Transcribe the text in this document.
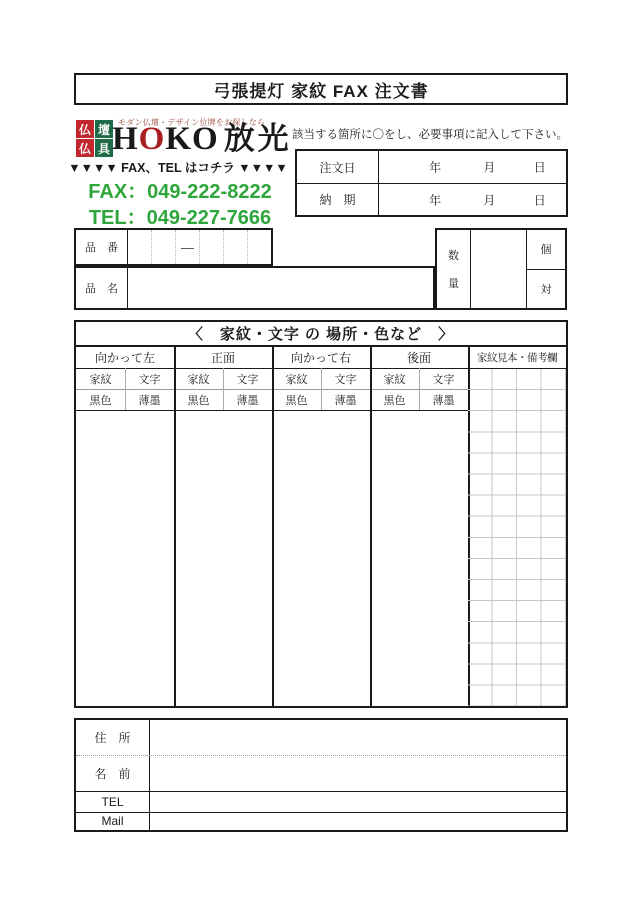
弓張提灯 家紋 FAX 注文書
仏 壇
仏 具
モダン仏壇・デザイン位牌をお探しなら
HOKO 放光
▼▼▼▼ FAX、TEL はコチラ ▼▼▼▼
FAX：049-222-8222
TEL：049-227-7666
該当する箇所に〇をし、必要事項に記入して下さい。
注文日	年	月	日
納　期	年	月	日
品　番	—
品　名
数
量
個
対
〈　家紋・文字 の 場所・色など　〉
向かって左	正面	向かって右	後面	家紋見本・備考欄
家紋	文字	家紋	文字	家紋	文字	家紋	文字
黒色	薄墨	黒色	薄墨	黒色	薄墨	黒色	薄墨
住　所
名　前
TEL
Mail
